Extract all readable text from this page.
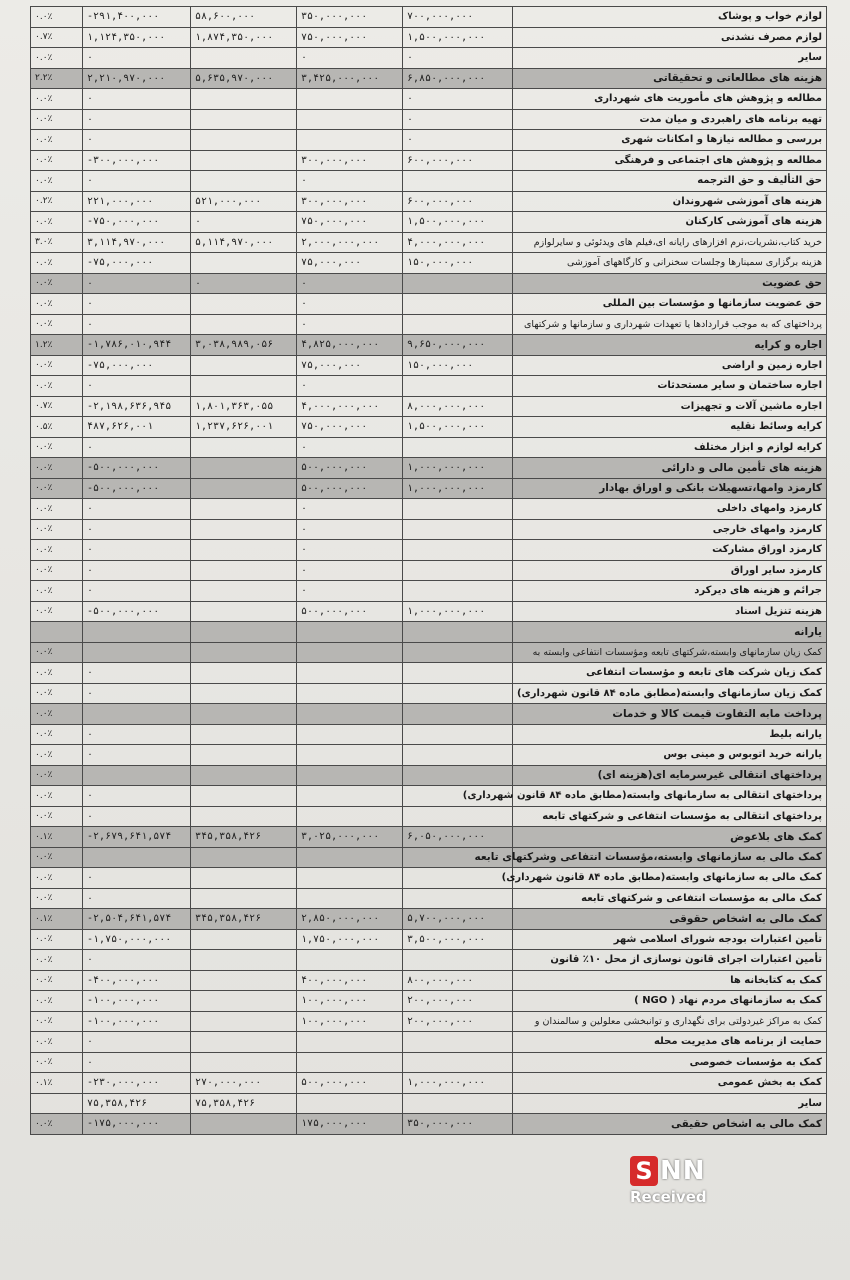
لوازم خواب و پوشاک	۷۰۰,۰۰۰,۰۰۰	۳۵۰,۰۰۰,۰۰۰	۵۸,۶۰۰,۰۰۰	۲۹۱,۴۰۰,۰۰۰-	۰.۰٪
لوازم مصرف نشدنی	۱,۵۰۰,۰۰۰,۰۰۰	۷۵۰,۰۰۰,۰۰۰	۱,۸۷۴,۳۵۰,۰۰۰	۱,۱۲۴,۳۵۰,۰۰۰	۰.۷٪
سایر	۰	۰		۰	۰.۰٪
هزینه های مطالعاتی و تحقیقاتی	۶,۸۵۰,۰۰۰,۰۰۰	۳,۴۲۵,۰۰۰,۰۰۰	۵,۶۳۵,۹۷۰,۰۰۰	۲,۲۱۰,۹۷۰,۰۰۰	۲.۲٪
مطالعه و پژوهش های مأموریت های شهرداری	۰			۰	۰.۰٪
تهیه برنامه های راهبردی و میان مدت	۰			۰	۰.۰٪
بررسی و مطالعه نیازها و امکانات شهری	۰			۰	۰.۰٪
مطالعه و پژوهش های اجتماعی و فرهنگی	۶۰۰,۰۰۰,۰۰۰	۳۰۰,۰۰۰,۰۰۰		۳۰۰,۰۰۰,۰۰۰-	۰.۰٪
حق التألیف و حق الترجمه		۰		۰	۰.۰٪
هزینه های آموزشی شهروندان	۶۰۰,۰۰۰,۰۰۰	۳۰۰,۰۰۰,۰۰۰	۵۲۱,۰۰۰,۰۰۰	۲۲۱,۰۰۰,۰۰۰	۰.۲٪
هزینه های آموزشی کارکنان	۱,۵۰۰,۰۰۰,۰۰۰	۷۵۰,۰۰۰,۰۰۰	۰	۷۵۰,۰۰۰,۰۰۰-	۰.۰٪
خرید کتاب،نشریات،نرم افزارهای رایانه ای،فیلم های ویدئوئی و سایرلوازم	۴,۰۰۰,۰۰۰,۰۰۰	۲,۰۰۰,۰۰۰,۰۰۰	۵,۱۱۴,۹۷۰,۰۰۰	۳,۱۱۴,۹۷۰,۰۰۰	۳.۰٪
هزینه برگزاری سمینارها وجلسات سخنرانی و کارگاههای آموزشی	۱۵۰,۰۰۰,۰۰۰	۷۵,۰۰۰,۰۰۰		۷۵,۰۰۰,۰۰۰-	۰.۰٪
حق عضویت		۰	۰	۰	۰.۰٪
حق عضویت سازمانها و مؤسسات بین المللی		۰		۰	۰.۰٪
پرداختهای که به موجب قراردادها یا تعهدات شهرداری و سازمانها و شرکتهای		۰		۰	۰.۰٪
اجاره و کرایه	۹,۶۵۰,۰۰۰,۰۰۰	۴,۸۲۵,۰۰۰,۰۰۰	۳,۰۳۸,۹۸۹,۰۵۶	۱,۷۸۶,۰۱۰,۹۴۴-	۱.۲٪
اجاره زمین و اراضی	۱۵۰,۰۰۰,۰۰۰	۷۵,۰۰۰,۰۰۰		۷۵,۰۰۰,۰۰۰-	۰.۰٪
اجاره ساختمان و سایر مستحدثات		۰		۰	۰.۰٪
اجاره ماشین آلات و تجهیزات	۸,۰۰۰,۰۰۰,۰۰۰	۴,۰۰۰,۰۰۰,۰۰۰	۱,۸۰۱,۳۶۳,۰۵۵	۲,۱۹۸,۶۳۶,۹۴۵-	۰.۷٪
کرایه وسائط نقلیه	۱,۵۰۰,۰۰۰,۰۰۰	۷۵۰,۰۰۰,۰۰۰	۱,۲۳۷,۶۲۶,۰۰۱	۴۸۷,۶۲۶,۰۰۱	۰.۵٪
کرایه لوازم و ابزار مختلف		۰		۰	۰.۰٪
هزینه های تأمین مالی و دارائی	۱,۰۰۰,۰۰۰,۰۰۰	۵۰۰,۰۰۰,۰۰۰		۵۰۰,۰۰۰,۰۰۰-	۰.۰٪
کارمزد وامها،تسهیلات بانکی و اوراق بهادار	۱,۰۰۰,۰۰۰,۰۰۰	۵۰۰,۰۰۰,۰۰۰		۵۰۰,۰۰۰,۰۰۰-	۰.۰٪
کارمزد وامهای داخلی		۰		۰	۰.۰٪
کارمزد وامهای خارجی		۰		۰	۰.۰٪
کارمزد اوراق مشارکت		۰		۰	۰.۰٪
کارمزد سایر اوراق		۰		۰	۰.۰٪
جرائم و هزینه های دیرکرد		۰		۰	۰.۰٪
هزینه تنزیل اسناد	۱,۰۰۰,۰۰۰,۰۰۰	۵۰۰,۰۰۰,۰۰۰		۵۰۰,۰۰۰,۰۰۰-	۰.۰٪
یارانه					
کمک زیان سازمانهای وابسته،شرکتهای تابعه ومؤسسات انتفاعی وابسته به					۰.۰٪
کمک زیان شرکت های تابعه و مؤسسات انتفاعی				۰	۰.۰٪
کمک زیان سازمانهای وابسته(مطابق ماده ۸۴ قانون شهرداری)				۰	۰.۰٪
پرداخت مابه التفاوت قیمت کالا و خدمات					۰.۰٪
یارانه بلیط				۰	۰.۰٪
یارانه خرید اتوبوس و مینی بوس				۰	۰.۰٪
پرداختهای انتقالی غیرسرمایه ای(هزینه ای)					۰.۰٪
پرداختهای انتقالی به سازمانهای وابسته(مطابق ماده ۸۴ قانون شهرداری)				۰	۰.۰٪
پرداختهای انتقالی به مؤسسات انتفاعی و شرکتهای تابعه				۰	۰.۰٪
کمک های بلاعوض	۶,۰۵۰,۰۰۰,۰۰۰	۳,۰۲۵,۰۰۰,۰۰۰	۳۴۵,۳۵۸,۴۲۶	۲,۶۷۹,۶۴۱,۵۷۴-	۰.۱٪
کمک مالی به سازمانهای وابسته،مؤسسات انتفاعی وشرکتهای تابعه					۰.۰٪
کمک مالی به سازمانهای وابسته(مطابق ماده ۸۴ قانون شهرداری)				۰	۰.۰٪
کمک مالی به مؤسسات انتفاعی و شرکتهای تابعه				۰	۰.۰٪
کمک مالی به اشخاص حقوقی	۵,۷۰۰,۰۰۰,۰۰۰	۲,۸۵۰,۰۰۰,۰۰۰	۳۴۵,۳۵۸,۴۲۶	۲,۵۰۴,۶۴۱,۵۷۴-	۰.۱٪
تأمین اعتبارات بودجه شورای اسلامی شهر	۳,۵۰۰,۰۰۰,۰۰۰	۱,۷۵۰,۰۰۰,۰۰۰		۱,۷۵۰,۰۰۰,۰۰۰-	۰.۰٪
تأمین اعتبارات اجرای قانون نوسازی از محل ۱۰٪ قانون				۰	۰.۰٪
کمک به کتابخانه ها	۸۰۰,۰۰۰,۰۰۰	۴۰۰,۰۰۰,۰۰۰		۴۰۰,۰۰۰,۰۰۰-	۰.۰٪
کمک به سازمانهای مردم نهاد ( NGO )	۲۰۰,۰۰۰,۰۰۰	۱۰۰,۰۰۰,۰۰۰		۱۰۰,۰۰۰,۰۰۰-	۰.۰٪
کمک به مراکز غیردولتی برای نگهداری و توانبخشی معلولین و سالمندان و	۲۰۰,۰۰۰,۰۰۰	۱۰۰,۰۰۰,۰۰۰		۱۰۰,۰۰۰,۰۰۰-	۰.۰٪
حمایت از برنامه های مدیریت محله				۰	۰.۰٪
کمک به مؤسسات خصوصی				۰	۰.۰٪
کمک به بخش عمومی	۱,۰۰۰,۰۰۰,۰۰۰	۵۰۰,۰۰۰,۰۰۰	۲۷۰,۰۰۰,۰۰۰	۲۳۰,۰۰۰,۰۰۰-	۰.۱٪
سایر			۷۵,۳۵۸,۴۲۶	۷۵,۳۵۸,۴۲۶	
کمک مالی به اشخاص حقیقی	۳۵۰,۰۰۰,۰۰۰	۱۷۵,۰۰۰,۰۰۰		۱۷۵,۰۰۰,۰۰۰-	۰.۰٪
S NN
Received
